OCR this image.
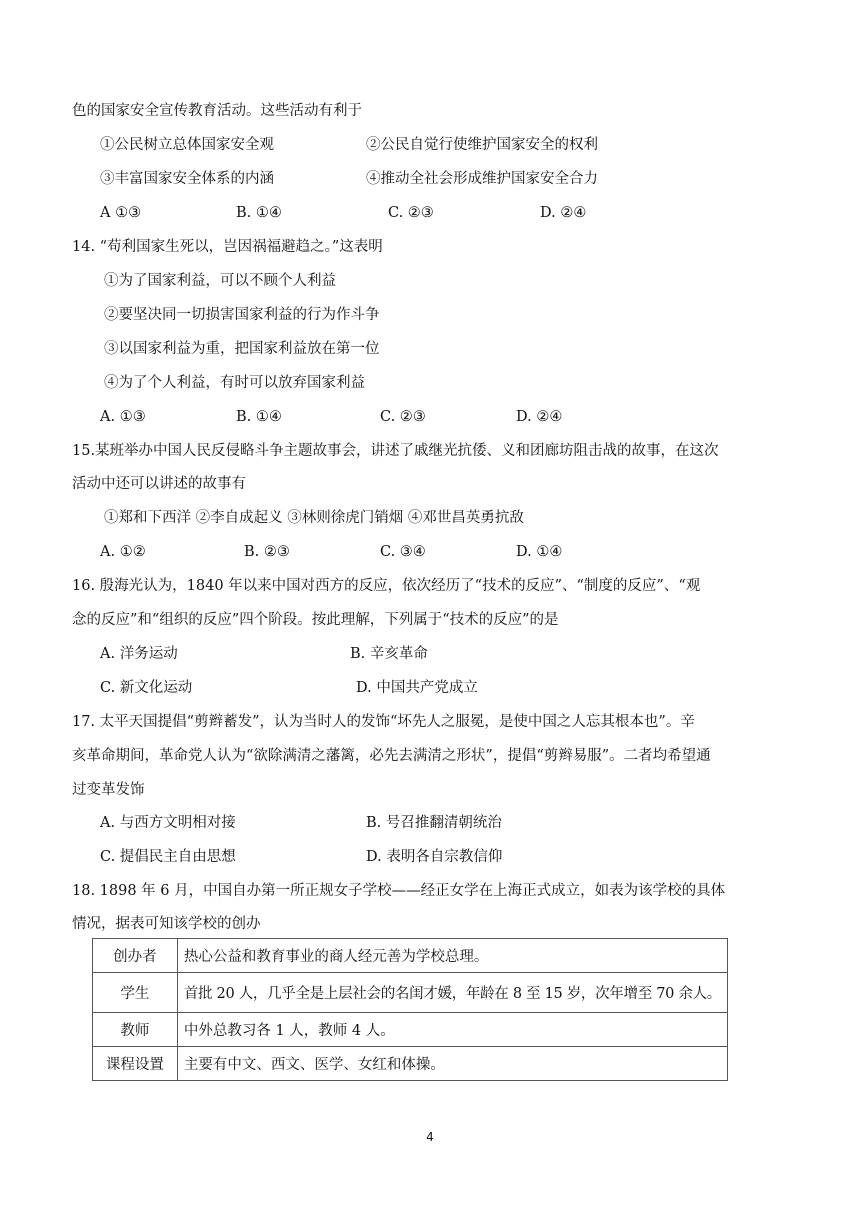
色的国家安全宣传教育活动。这些活动有利于
①公民树立总体国家安全观	②公民自觉行使维护国家安全的权利
③丰富国家安全体系的内涵	④推动全社会形成维护国家安全合力
A ①③	B. ①④	C. ②③	D. ②④
14. “苟利国家生死以，岂因祸福避趋之。”这表明
①为了国家利益，可以不顾个人利益
②要坚决同一切损害国家利益的行为作斗争
③以国家利益为重，把国家利益放在第一位
④为了个人利益，有时可以放弃国家利益
A. ①③	B. ①④	C. ②③	D. ②④
15.某班举办中国人民反侵略斗争主题故事会，讲述了戚继光抗倭、义和团廊坊阻击战的故事，在这次
活动中还可以讲述的故事有
①郑和下西洋 ②李自成起义 ③林则徐虎门销烟 ④邓世昌英勇抗敌
A. ①②	B. ②③	C. ③④	D. ①④
16. 殷海光认为，1840 年以来中国对西方的反应，依次经历了“技术的反应”、“制度的反应”、“观
念的反应”和“组织的反应”四个阶段。按此理解，下列属于“技术的反应”的是
A. 洋务运动	B. 辛亥革命
C. 新文化运动	D. 中国共产党成立
17. 太平天国提倡“剪辫蓄发”，认为当时人的发饰“坏先人之服冕，是使中国之人忘其根本也”。辛
亥革命期间，革命党人认为“欲除满清之藩篱，必先去满清之形状”，提倡“剪辫易服”。二者均希望通
过变革发饰
A. 与西方文明相对接	B. 号召推翻清朝统治
C. 提倡民主自由思想	D. 表明各自宗教信仰
18. 1898 年 6 月，中国自办第一所正规女子学校——经正女学在上海正式成立，如表为该学校的具体
情况，据表可知该学校的创办
创办者	热心公益和教育事业的商人经元善为学校总理。
学生	首批 20 人，几乎全是上层社会的名闺才媛，年龄在 8 至 15 岁，次年增至 70 余人。
教师	中外总教习各 1 人，教师 4 人。
课程设置	主要有中文、西文、医学、女红和体操。
4
